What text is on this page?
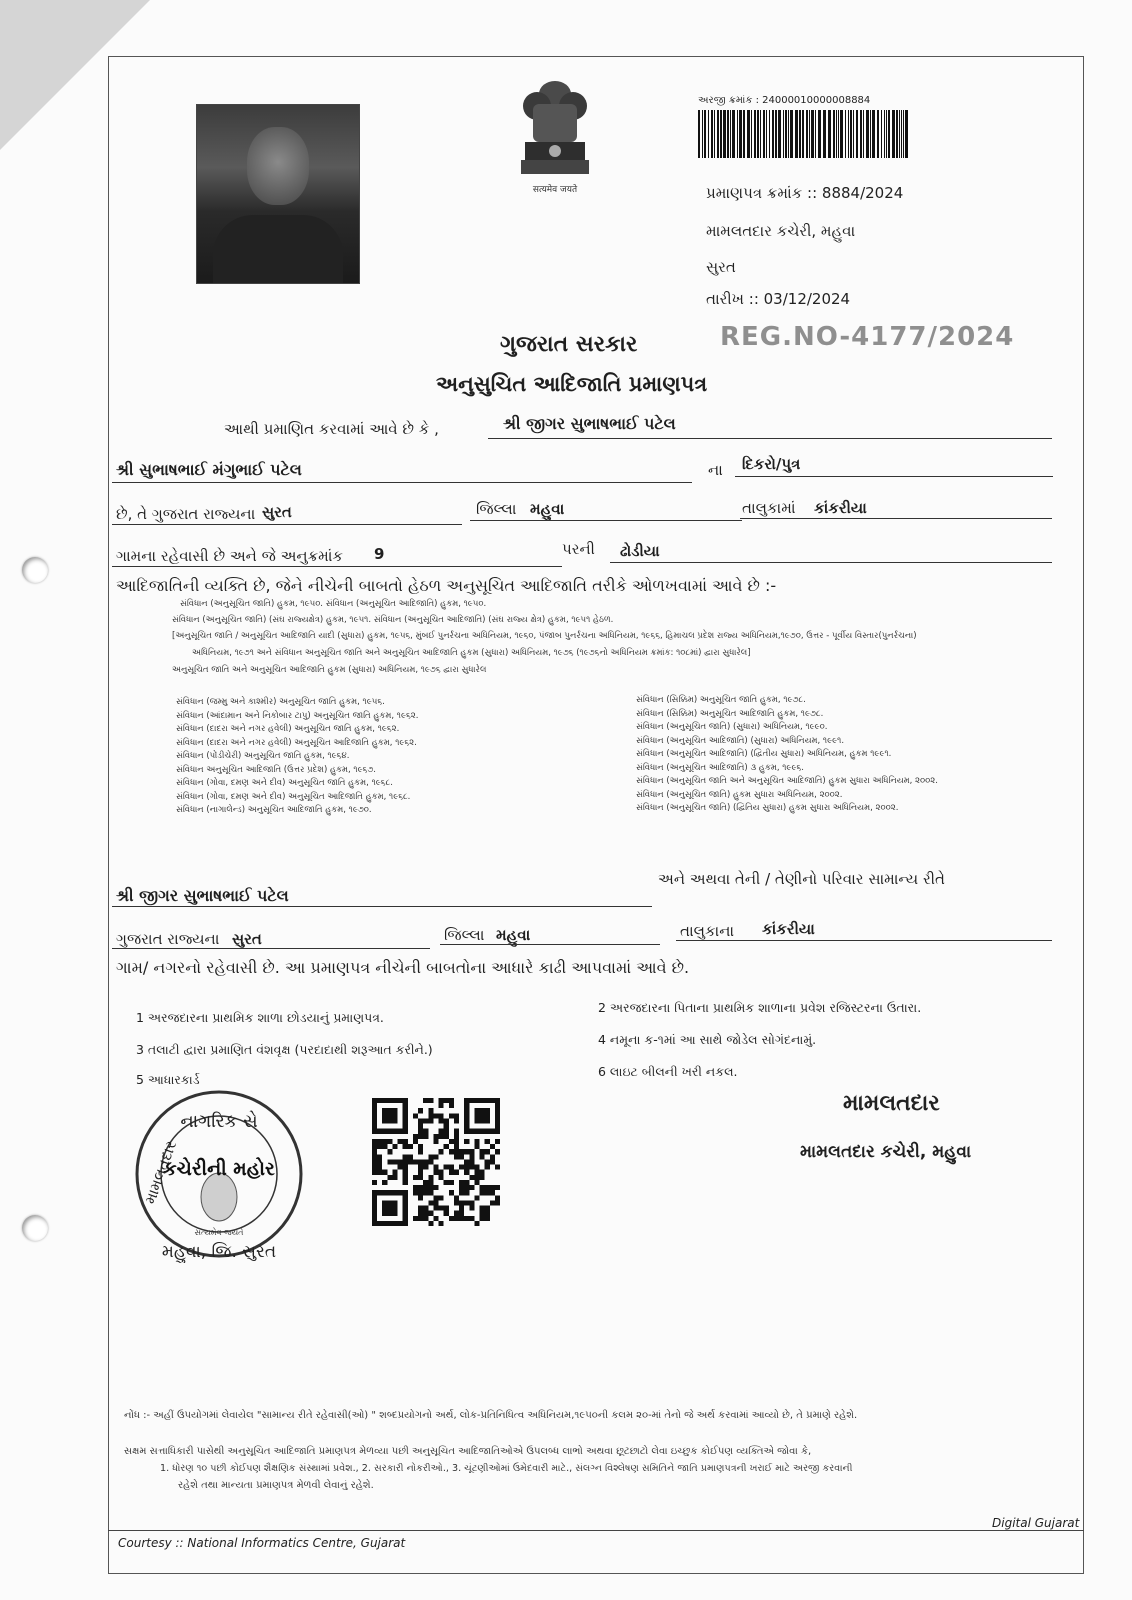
सत्यमेव जयते
અરજી ક્રમાંક : 24000010000008884
પ્રમાણપત્ર ક્રમાંક :: 8884/2024
મામલતદાર કચેરી, મહુવા
સુરત
તારીખ :: 03/12/2024
REG.NO-4177/2024
ગુજરાત સરકાર
અનુસુચિત આદિજાતિ પ્રમાણપત્ર
આથી પ્રમાણિત કરવામાં આવે છે કે ,	શ્રી જીગર સુભાષભાઈ પટેલ
શ્રી સુભાષભાઈ મંગુભાઈ પટેલ	ના દિકરો/પુત્ર
છે, તે ગુજરાત રાજ્યના સુરત	જિલ્લા મહુવા	તાલુકામાં કાંકરીયા
ગામના રહેવાસી છે અને જે અનુક્રમાંક 9	પરની ઢોડીયા
આદિજાતિની વ્યક્તિ છે, જેને નીચેની બાબતો હેઠળ અનુસૂચિત આદિજાતિ તરીકે ઓળખવામાં આવે છે :-
સંવિધાન (અનુસૂચિત જાતિ) હુકમ, ૧૯૫૦. સંવિધાન (અનુસૂચિત આદિજાતિ) હુકમ, ૧૯૫૦.
સંવિધાન (અનુસૂચિત જાતિ) (સંઘ રાજ્યક્ષેત્ર) હુકમ, ૧૯૫૧. સંવિધાન (અનુસૂચિત આદિજાતિ) (સંઘ રાજ્ય ક્ષેત્ર) હુકમ, ૧૯૫૧ હેઠળ.
[અનુસૂચિત જાતિ / અનુસૂચિત આદિજાતિ યાદી (સુધારા) હુકમ, ૧૯૫૬, મુંબઈ પુનર્રચના અધિનિયમ, ૧૯૬૦, પંજાબ પુનર્રચના અધિનિયમ, ૧૯૬૬, હિમાચલ પ્રદેશ રાજ્ય અધિનિયમ,૧૯૭૦, ઉત્તર - પૂર્વીય વિસ્તાર(પુનર્રચના)
અધિનિયમ, ૧૯૭૧ અને સંવિધાન અનુસૂચિત જાતિ અને અનુસૂચિત આદિજાતિ હુકમ (સુધારા) અધિનિયમ, ૧૯૭૬ (૧૯૭૬નો અધિનિયમ ક્રમાંક: ૧૦૮માં) દ્વારા સુધારેલ]
અનુસૂચિત જાતિ અને અનુસૂચિત આદિજાતિ હુકમ (સુધારા) અધિનિયમ, ૧૯૭૬ દ્વારા સુધારેલ
સંવિધાન (જમ્મુ અને કાશ્મીર) અનુસૂચિત જાતિ હુકમ, ૧૯૫૬.
સંવિધાન (આંદામાન અને નિકોબાર ટાપુ) અનુસૂચિત જાતિ હુકમ, ૧૯૬૨.
સંવિધાન (દાદરા અને નગર હવેલી) અનુસૂચિત જાતિ હુકમ, ૧૯૬૨.
સંવિધાન (દાદરા અને નગર હવેલી) અનુસૂચિત આદિજાતિ હુકમ, ૧૯૬૨.
સંવિધાન (પોંડીચેરી) અનુસૂચિત જાતિ હુકમ, ૧૯૬૪.
સંવિધાન અનુસૂચિત આદિજાતિ (ઉત્તર પ્રદેશ) હુકમ, ૧૯૬૭.
સંવિધાન (ગોવા, દમણ અને દીવ) અનુસૂચિત જાતિ હુકમ, ૧૯૬૮.
સંવિધાન (ગોવા, દમણ અને દીવ) અનુસૂચિત આદિજાતિ હુકમ, ૧૯૬૮.
સંવિધાન (નાગાલેન્ડ) અનુસૂચિત આદિજાતિ હુકમ, ૧૯૭૦.
સંવિધાન (સિક્કિમ) અનુસૂચિત જાતિ હુકમ, ૧૯૭૮.
સંવિધાન (સિક્કિમ) અનુસૂચિત આદિજાતિ હુકમ, ૧૯૭૮.
સંવિધાન (અનુસૂચિત જાતિ) (સુધારા) અધિનિયમ, ૧૯૯૦.
સંવિધાન (અનુસૂચિત આદિજાતિ) (સુધારા) અધિનિયમ, ૧૯૯૧.
સંવિધાન (અનુસૂચિત આદિજાતિ) (દ્વિતીય સુધારા) અધિનિયમ, હુકમ ૧૯૯૧.
સંવિધાન (અનુસૂચિત આદિજાતિ) ૩ હુકમ, ૧૯૯૬.
સંવિધાન (અનુસૂચિત જાતિ અને અનુસૂચિત આદિજાતિ) હુકમ સુધારા અધિનિયમ, ૨૦૦૨.
સંવિધાન (અનુસૂચિત જાતિ) હુકમ સુધારા અધિનિયમ, ૨૦૦૨.
સંવિધાન (અનુસૂચિત જાતિ) (દ્વિતિય સુધારા) હુકમ સુધારા અધિનિયમ, ૨૦૦૨.
અને અથવા તેની / તેણીનો પરિવાર સામાન્ય રીતે
શ્રી જીગર સુભાષભાઈ પટેલ
ગુજરાત રાજ્યના સુરત	જિલ્લા મહુવા	તાલુકાના કાંકરીયા
ગામ/ નગરનો રહેવાસી છે. આ પ્રમાણપત્ર નીચેની બાબતોના આધારે કાઢી આપવામાં આવે છે.
1 અરજદારના પ્રાથમિક શાળા છોડયાનું પ્રમાણપત્ર.
2 અરજદારના પિતાના પ્રાથમિક શાળાના પ્રવેશ રજિસ્ટરના ઉતારા.
3 તલાટી દ્વારા પ્રમાણિત વંશવૃક્ષ (પરદાદાથી શરૂઆત કરીને.)
4 નમૂના ક-૧માં આ સાથે જોડેલ સોગંદનામું.
5 આધારકાર્ડ
6 લાઇટ બીલની ખરી નકલ.
નાગરિક સે
કચેરીની મહોર
સત્યમેવ જયતે
મામલતદાર
મહુવા, જિ. સુરત
મામલતદાર
મામલતદાર કચેરી, મહુવા
નોંધ :- અહીં ઉપયોગમાં લેવાયેલ "સામાન્ય રીતે રહેવાસી(ઓ) " શબ્દપ્રયોગનો અર્થ, લોક-પ્રતિનિધિત્વ અધિનિયમ,૧૯૫૦ની કલમ ૨૦-માં તેનો જે અર્થ કરવામાં આવ્યો છે, તે પ્રમાણે રહેશે.
સક્ષમ સત્તાધિકારી પાસેથી અનુસૂચિત આદિજાતિ પ્રમાણપત્ર મેળવ્યા પછી અનુસૂચિત આદિજાતિઓએ ઉપલબ્ધ લાભો અથવા છૂટછાટો લેવા ઇચ્છુક કોઈપણ વ્યક્તિએ જોવા કે,
1. ધોરણ ૧૦ પછી કોઈપણ શૈક્ષણિક સંસ્થામાં પ્રવેશ., 2. સરકારી નોકરીઓ., 3. ચૂંટણીઓમાં ઉમેદવારી માટે., સંલગ્ન વિશ્લેષણ સમિતિને જાતિ પ્રમાણપત્રની ખરાઈ માટે અરજી કરવાની
રહેશે તથા માન્યતા પ્રમાણપત્ર મેળવી લેવાનું રહેશે.
Courtesy :: National Informatics Centre, Gujarat
Digital Gujarat
